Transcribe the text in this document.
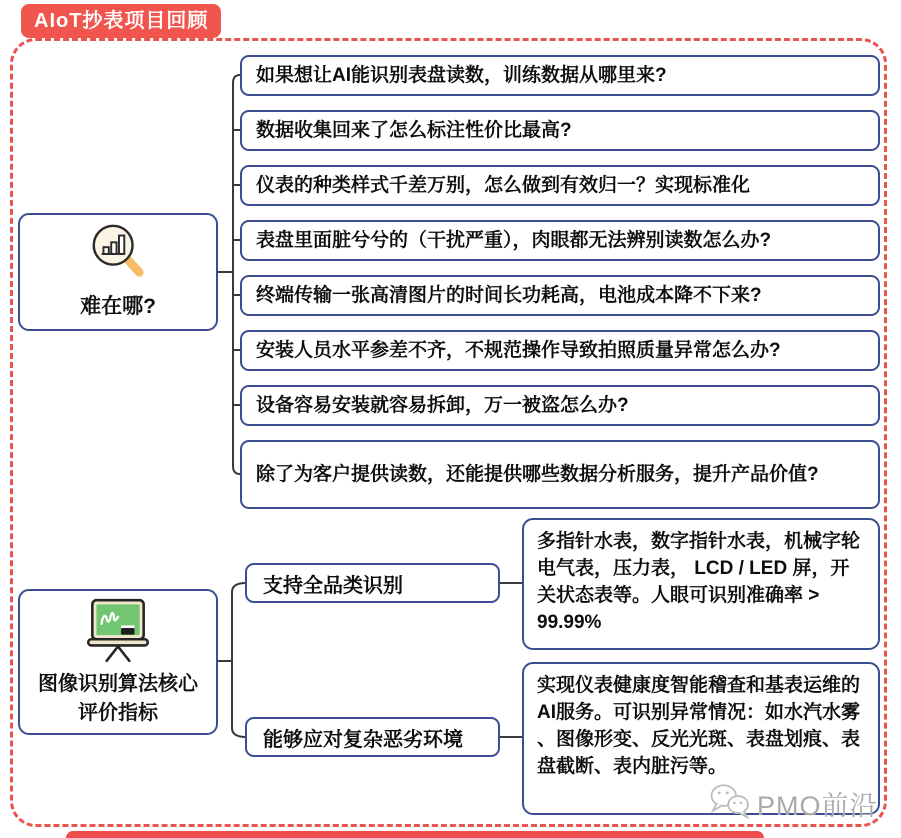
AIoT抄表项目回顾
难在哪?
如果想让AI能识别表盘读数，训练数据从哪里来?
数据收集回来了怎么标注性价比最高?
仪表的种类样式千差万别，怎么做到有效归一？实现标准化
表盘里面脏兮兮的（干扰严重），肉眼都无法辨别读数怎么办?
终端传输一张高清图片的时间长功耗高，电池成本降不下来?
安装人员水平参差不齐，不规范操作导致拍照质量异常怎么办?
设备容易安装就容易拆卸，万一被盗怎么办?
除了为客户提供读数，还能提供哪些数据分析服务，提升产品价值?
图像识别算法核心评价指标
支持全品类识别
能够应对复杂恶劣环境
多指针水表，数字指针水表，机械字轮电气表，压力表， LCD / LED 屏，开关状态表等。人眼可识别准确率 > 99.99%
实现仪表健康度智能稽查和基表运维的AI服务。可识别异常情况：如水汽水雾 、图像形变、反光光斑、表盘划痕、表盘截断、表内脏污等。
PMO前沿
